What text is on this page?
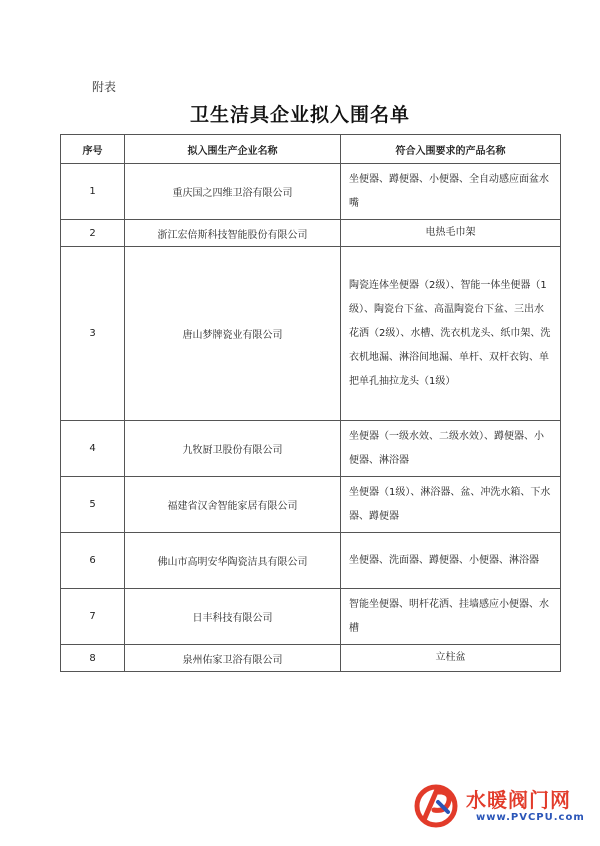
附表
卫生洁具企业拟入围名单
序号	拟入围生产企业名称	符合入围要求的产品名称
1	重庆国之四维卫浴有限公司	坐便器、蹲便器、小便器、全自动感应面盆水嘴
2	浙江宏倍斯科技智能股份有限公司	电热毛巾架
3	唐山梦牌瓷业有限公司	陶瓷连体坐便器（2级）、智能一体坐便器（1级）、陶瓷台下盆、高温陶瓷台下盆、三出水花洒（2级）、水槽、洗衣机龙头、纸巾架、洗衣机地漏、淋浴间地漏、单杆、双杆衣钩、单把单孔抽拉龙头（1级）
4	九牧厨卫股份有限公司	坐便器（一级水效、二级水效）、蹲便器、小便器、淋浴器
5	福建省汉舍智能家居有限公司	坐便器（1级）、淋浴器、盆、冲洗水箱、下水器、蹲便器
6	佛山市高明安华陶瓷洁具有限公司	坐便器、洗面器、蹲便器、小便器、淋浴器
7	日丰科技有限公司	智能坐便器、明杆花洒、挂墙感应小便器、水槽
8	泉州佑家卫浴有限公司	立柱盆
水暖阀门网
www.PVCPU.com
